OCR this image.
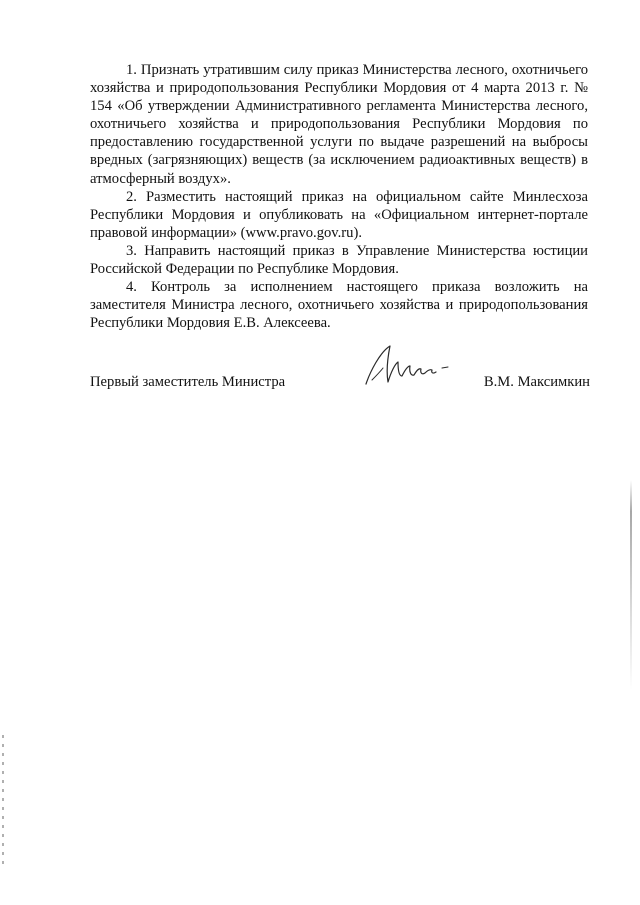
1. Признать утратившим силу приказ Министерства лесного, охотничьего хозяйства и природопользования Республики Мордовия от 4 марта 2013 г. № 154 «Об утверждении Административного регламента Министерства лесного, охотничьего хозяйства и природопользования Республики Мордовия по предоставлению государственной услуги по выдаче разрешений на выбросы вредных (загрязняющих) веществ (за исключением радиоактивных веществ) в атмосферный воздух».

2. Разместить настоящий приказ на официальном сайте Минлесхоза Республики Мордовия и опубликовать на «Официальном интернет-портале правовой информации» (www.pravo.gov.ru).

3. Направить настоящий приказ в Управление Министерства юстиции Российской Федерации по Республике Мордовия.

4. Контроль за исполнением настоящего приказа возложить на заместителя Министра лесного, охотничьего хозяйства и природопользования Республики Мордовия Е.В. Алексеева.

Первый заместитель Министра	В.М. Максимкин
